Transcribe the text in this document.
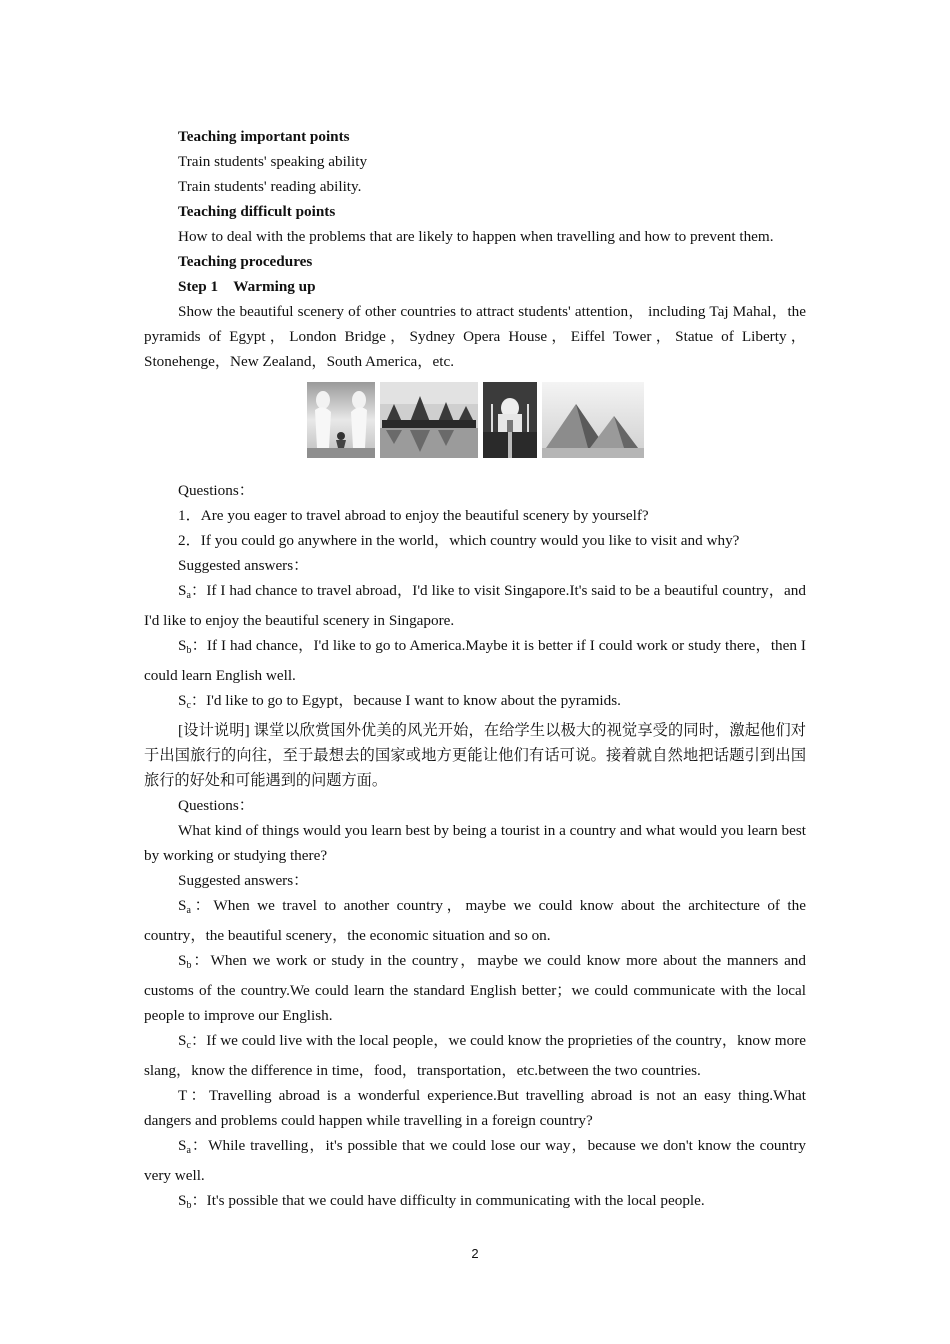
Teaching important points

Train students' speaking ability

Train students' reading ability.

Teaching difficult points

How to deal with the problems that are likely to happen when travelling and how to prevent them.

Teaching procedures

Step 1　Warming up

Show the beautiful scenery of other countries to attract students' attention， including Taj Mahal，the pyramids of Egypt，London Bridge，Sydney Opera House，Eiffel Tower，Statue of Liberty，Stonehenge，New Zealand，South America，etc.

Questions：

1．Are you eager to travel abroad to enjoy the beautiful scenery by yourself?

2．If you could go anywhere in the world，which country would you like to visit and why?

Suggested answers：

$S_a$：If I had chance to travel abroad，I'd like to visit Singapore.It's said to be a beautiful country，and I'd like to enjoy the beautiful scenery in Singapore.

$S_b$：If I had chance，I'd like to go to America.Maybe it is better if I could work or study there，then I could learn English well.

$S_c$：I'd like to go to Egypt，because I want to know about the pyramids.

[设计说明] 课堂以欣赏国外优美的风光开始，在给学生以极大的视觉享受的同时，激起他们对于出国旅行的向往，至于最想去的国家或地方更能让他们有话可说。接着就自然地把话题引到出国旅行的好处和可能遇到的问题方面。

Questions：

What kind of things would you learn best by being a tourist in a country and what would you learn best by working or studying there?

Suggested answers：

$S_a$：When we travel to another country，maybe we could know about the architecture of the country，the beautiful scenery，the economic situation and so on.

$S_b$：When we work or study in the country，maybe we could know more about the manners and customs of the country.We could learn the standard English better；we could communicate with the local people to improve our English.

$S_c$：If we could live with the local people，we could know the proprieties of the country，know more slang，know the difference in time，food，transportation，etc.between the two countries.

T：Travelling abroad is a wonderful experience.But travelling abroad is not an easy thing.What dangers and problems could happen while travelling in a foreign country?

$S_a$：While travelling，it's possible that we could lose our way，because we don't know the country very well.

$S_b$：It's possible that we could have difficulty in communicating with the local people.

2
